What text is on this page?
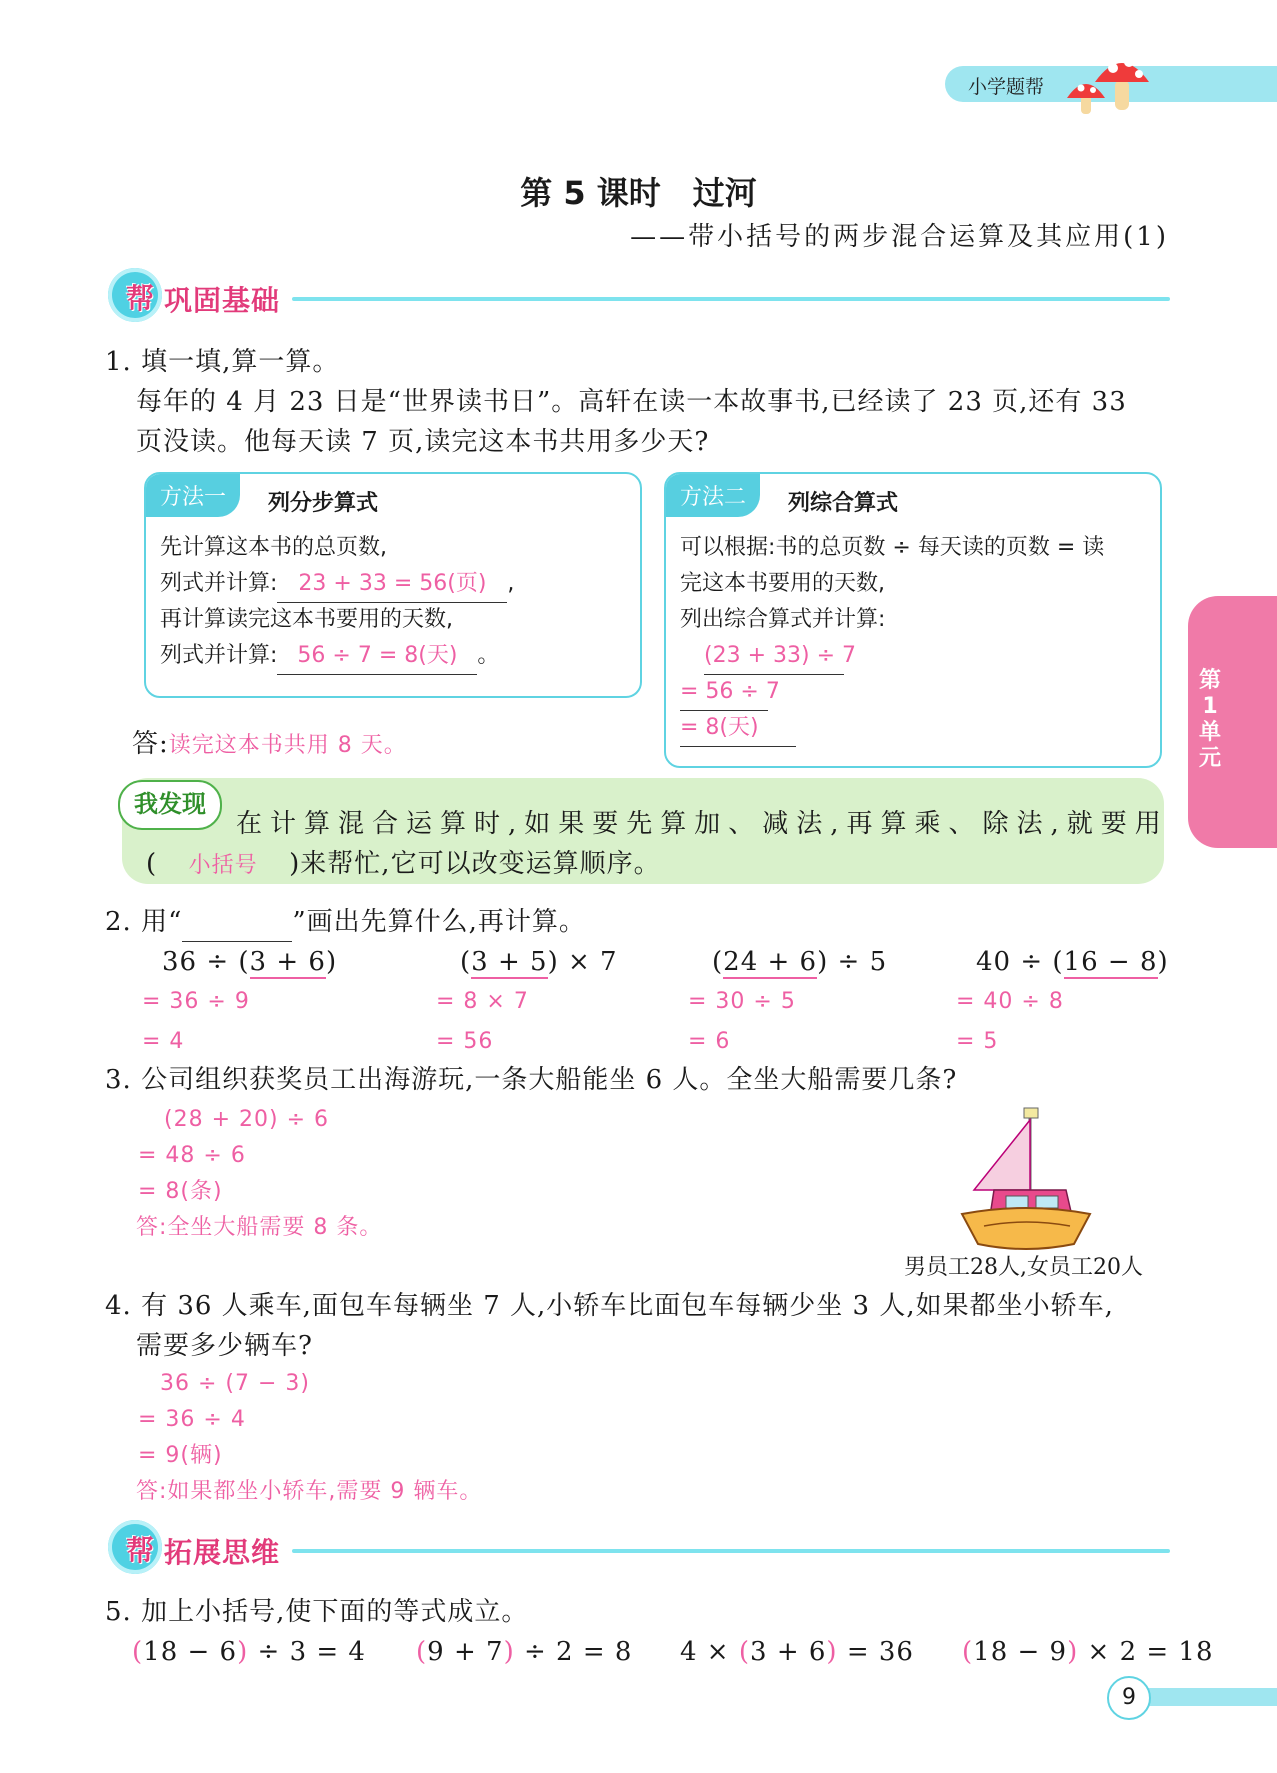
小学题帮
第 5 课时　过河
——带小括号的两步混合运算及其应用(1)
帮 巩固基础
第1单元
1. 填一填,算一算。
每年的 4 月 23 日是“世界读书日”。高轩在读一本故事书,已经读了 23 页,还有 33
页没读。他每天读 7 页,读完这本书共用多少天?
方法一	列分步算式
先计算这本书的总页数,
列式并计算: 23 + 33 = 56(页) ,
再计算读完这本书要用的天数,
列式并计算: 56 ÷ 7 = 8(天) 。
方法二	列综合算式
可以根据:书的总页数 ÷ 每天读的页数 = 读
完这本书要用的天数,
列出综合算式并计算:
(23 + 33) ÷ 7
= 56 ÷ 7
= 8(天)
答:读完这本书共用 8 天。
我发现
在计算混合运算时,如果要先算加、减法,再算乘、除法,就要用
( 小括号 )来帮忙,它可以改变运算顺序。
2. 用“	”画出先算什么,再计算。
36 ÷ (3 + 6)
= 36 ÷ 9
= 4
(3 + 5) × 7
= 8 × 7
= 56
(24 + 6) ÷ 5
= 30 ÷ 5
= 6
40 ÷ (16 − 8)
= 40 ÷ 8
= 5
3. 公司组织获奖员工出海游玩,一条大船能坐 6 人。全坐大船需要几条?
(28 + 20) ÷ 6
= 48 ÷ 6
= 8(条)
答:全坐大船需要 8 条。
男员工28人,女员工20人
4. 有 36 人乘车,面包车每辆坐 7 人,小轿车比面包车每辆少坐 3 人,如果都坐小轿车,
需要多少辆车?
36 ÷ (7 − 3)
= 36 ÷ 4
= 9(辆)
答:如果都坐小轿车,需要 9 辆车。
帮 拓展思维
5. 加上小括号,使下面的等式成立。
(18 − 6) ÷ 3 = 4 (9 + 7) ÷ 2 = 8 4 × (3 + 6) = 36 (18 − 9) × 2 = 18
9
